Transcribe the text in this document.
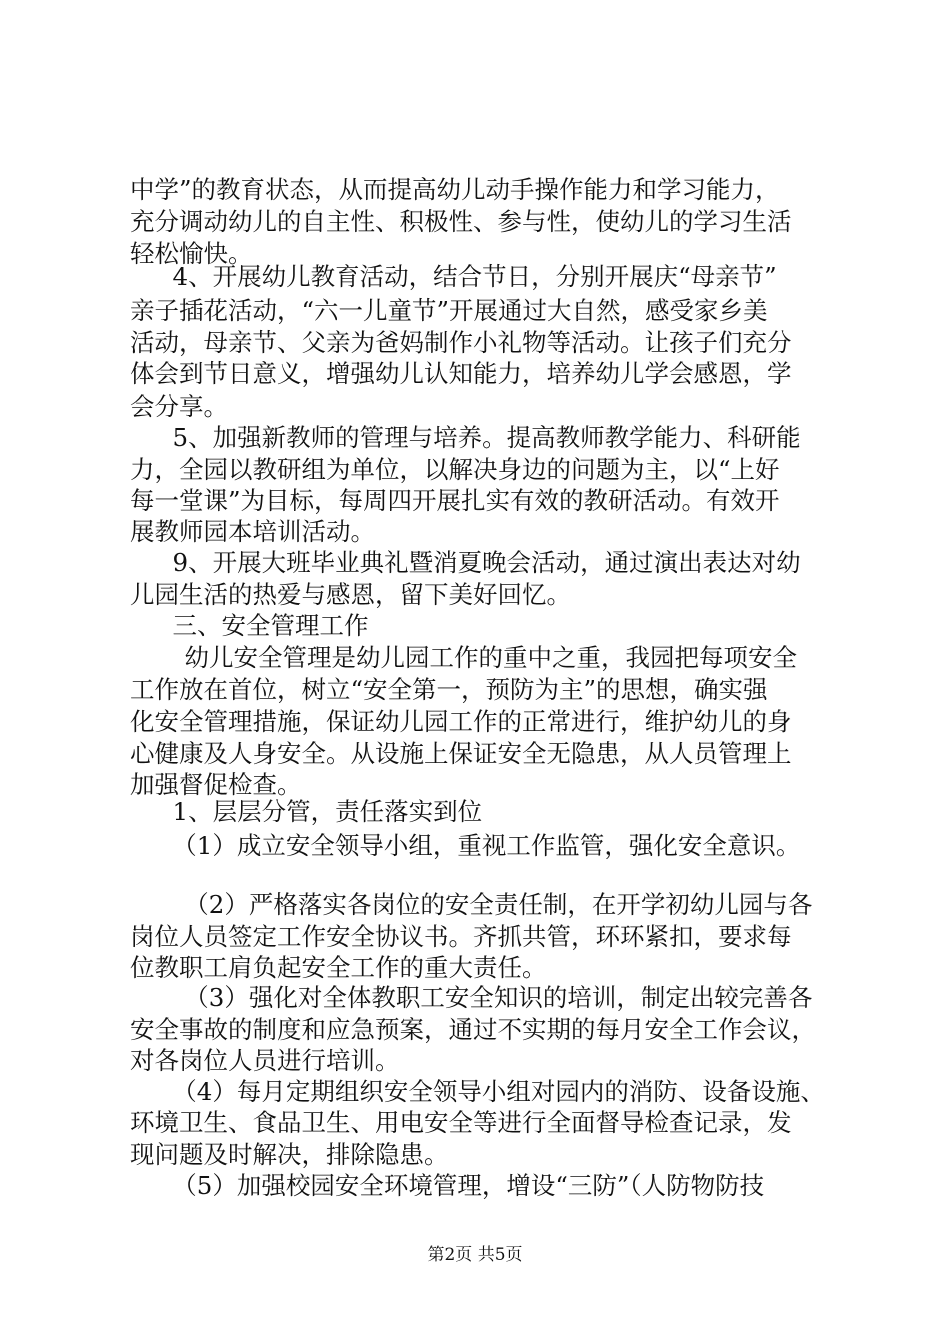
中学”的教育状态，从而提高幼儿动手操作能力和学习能力，
充分调动幼儿的自主性、积极性、参与性，使幼儿的学习生活
轻松愉快。
　4、开展幼儿教育活动，结合节日，分别开展庆“母亲节”
亲子插花活动，“六一儿童节”开展通过大自然，感受家乡美
活动，母亲节、父亲为爸妈制作小礼物等活动。让孩子们充分
体会到节日意义，增强幼儿认知能力，培养幼儿学会感恩，学
会分享。
　5、加强新教师的管理与培养。提高教师教学能力、科研能
力，全园以教研组为单位，以解决身边的问题为主，以“上好
每一堂课”为目标，每周四开展扎实有效的教研活动。有效开
展教师园本培训活动。
　9、开展大班毕业典礼暨消夏晚会活动，通过演出表达对幼
儿园生活的热爱与感恩，留下美好回忆。
　三、安全管理工作
　幼儿安全管理是幼儿园工作的重中之重，我园把每项安全
工作放在首位，树立“安全第一，预防为主”的思想，确实强
化安全管理措施，保证幼儿园工作的正常进行，维护幼儿的身
心健康及人身安全。从设施上保证安全无隐患，从人员管理上
加强督促检查。
　1、层层分管，责任落实到位
　（1）成立安全领导小组，重视工作监管，强化安全意识。
　（2）严格落实各岗位的安全责任制，在开学初幼儿园与各
岗位人员签定工作安全协议书。齐抓共管，环环紧扣，要求每
位教职工肩负起安全工作的重大责任。
　（3）强化对全体教职工安全知识的培训，制定出较完善各
安全事故的制度和应急预案，通过不实期的每月安全工作会议，
对各岗位人员进行培训。
　（4）每月定期组织安全领导小组对园内的消防、设备设施、
环境卫生、食品卫生、用电安全等进行全面督导检查记录，发
现问题及时解决，排除隐患。
　（5）加强校园安全环境管理，增设“三防”（人防物防技
第2页 共5页
